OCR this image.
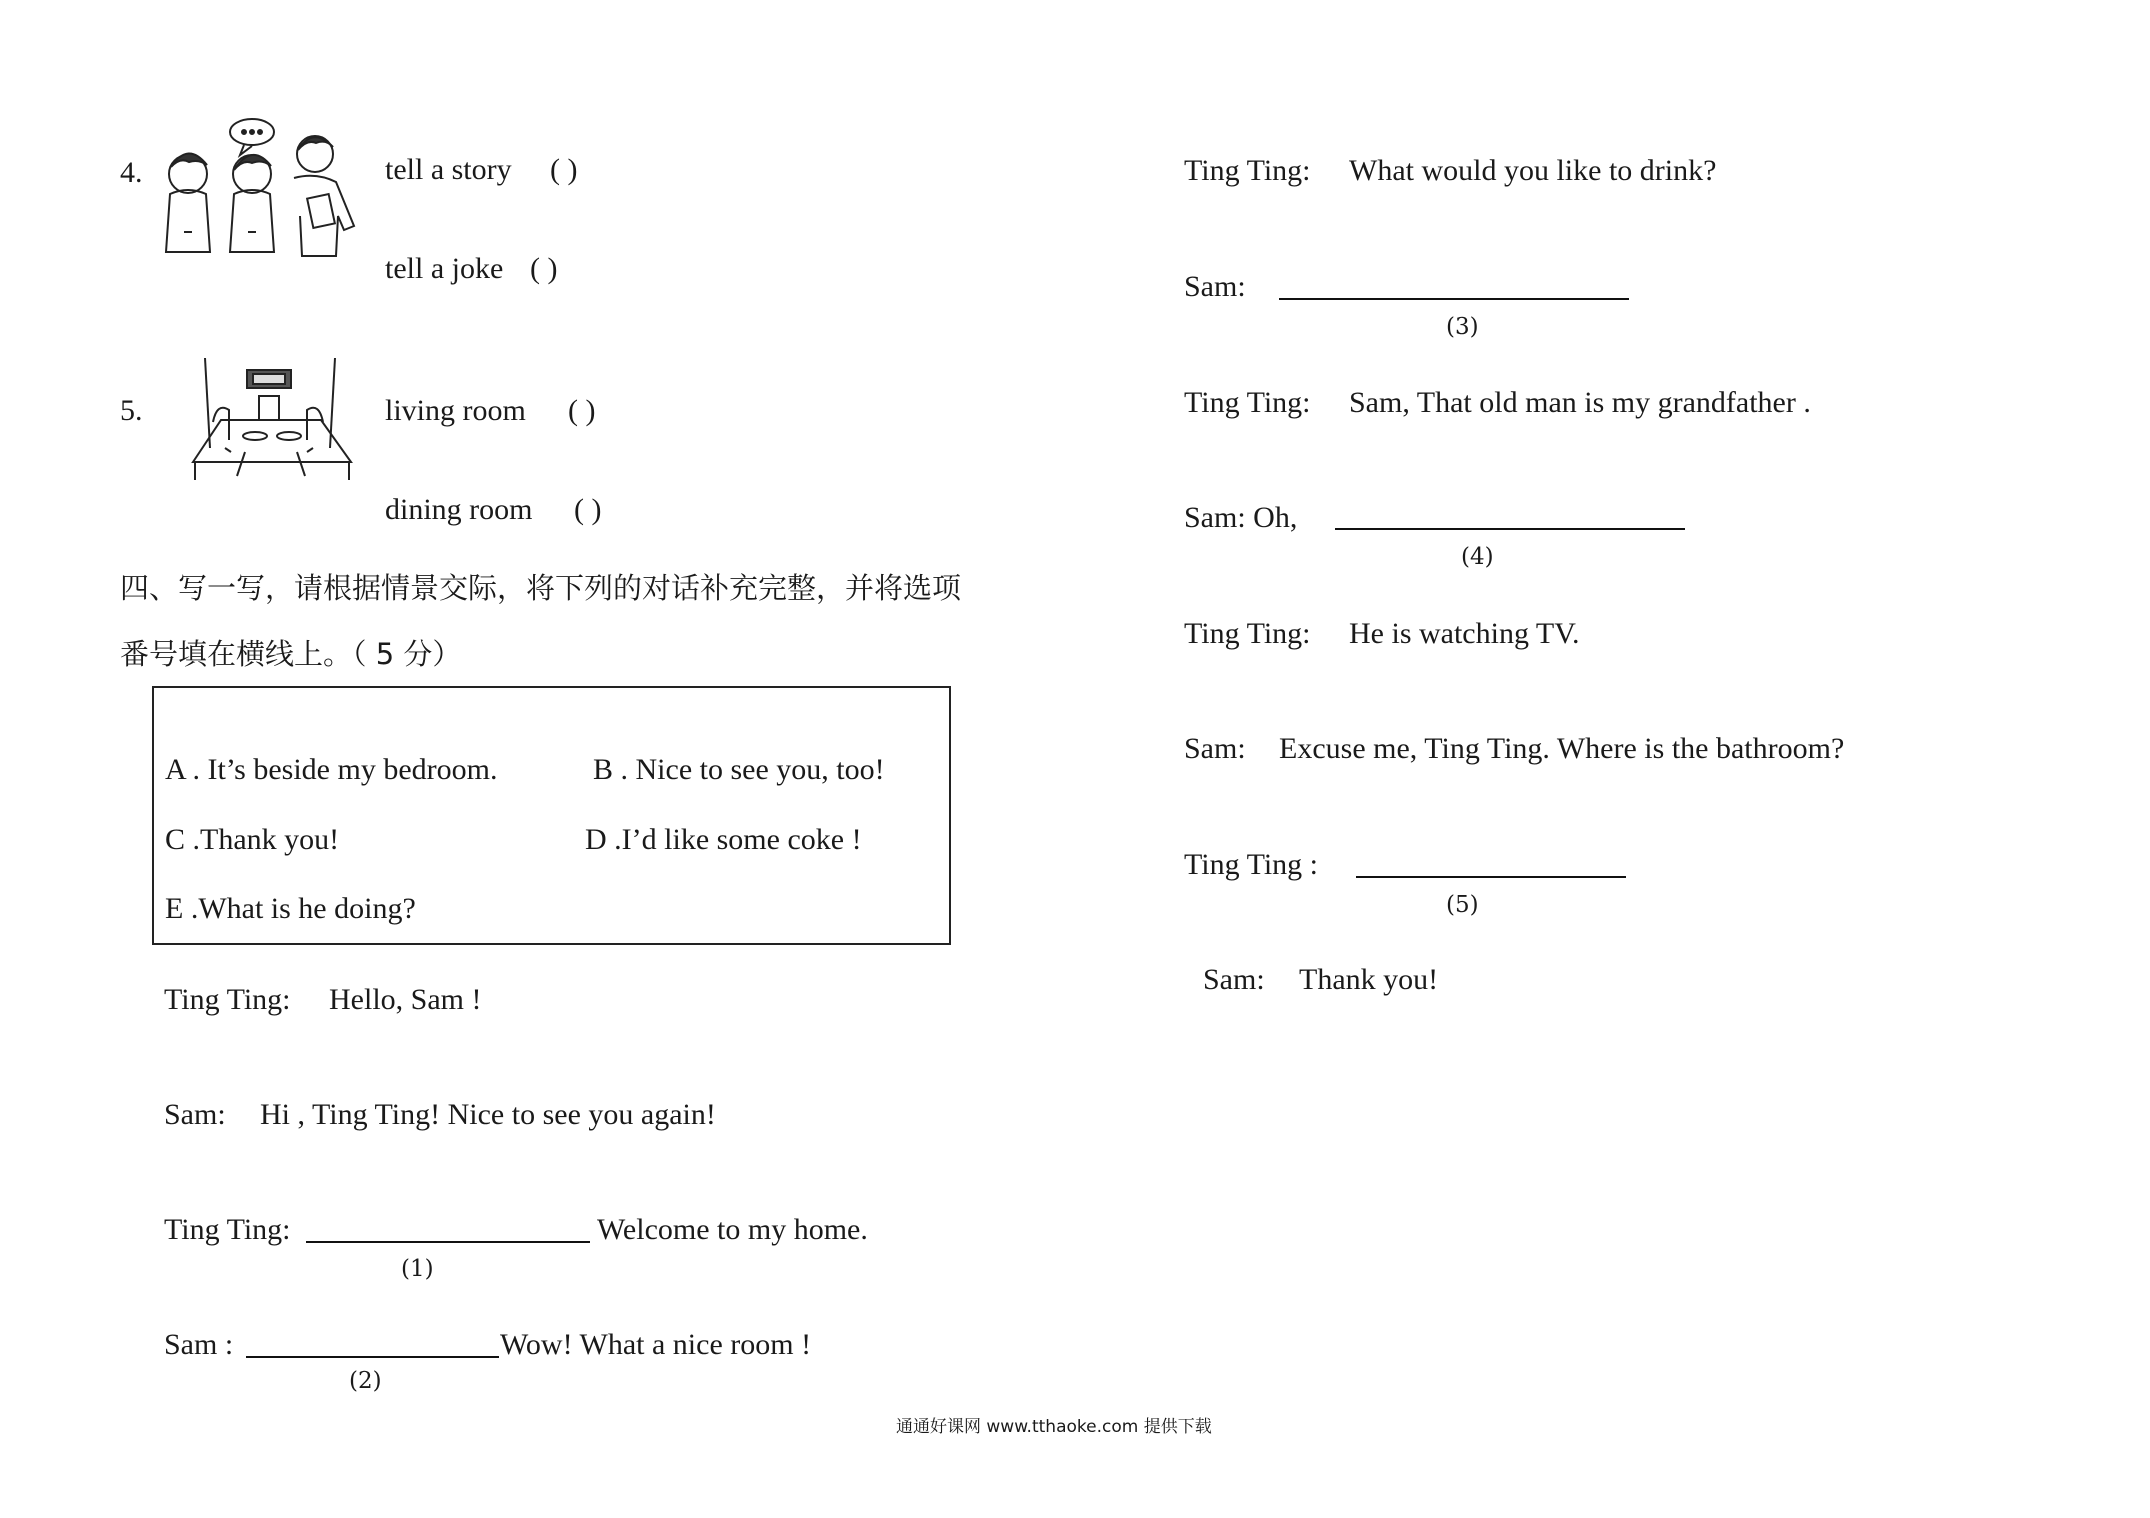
4.	tell a story ( )
tell a joke ( )
5.	living room ( )
dining room ( )
四、写一写，请根据情景交际，将下列的对话补充完整，并将选项
番号填在横线上。（ 5 分）
A . It’s beside my bedroom.	B . Nice to see you, too!
C .Thank you!	D .I’d like some coke !
E .What is he doing?
Ting Ting: Hello, Sam !
Sam: Hi , Ting Ting! Nice to see you again!
Ting Ting:	Welcome to my home.
(1)
Sam :	Wow! What a nice room !
(2)
Ting Ting: What would you like to drink?
Sam:
(3)
Ting Ting: Sam, That old man is my grandfather .
Sam: Oh,
(4)
Ting Ting: He is watching TV.
Sam: Excuse me, Ting Ting. Where is the bathroom?
Ting Ting :
(5)
Sam: Thank you!
通通好课网 www.tthaoke.com 提供下载
